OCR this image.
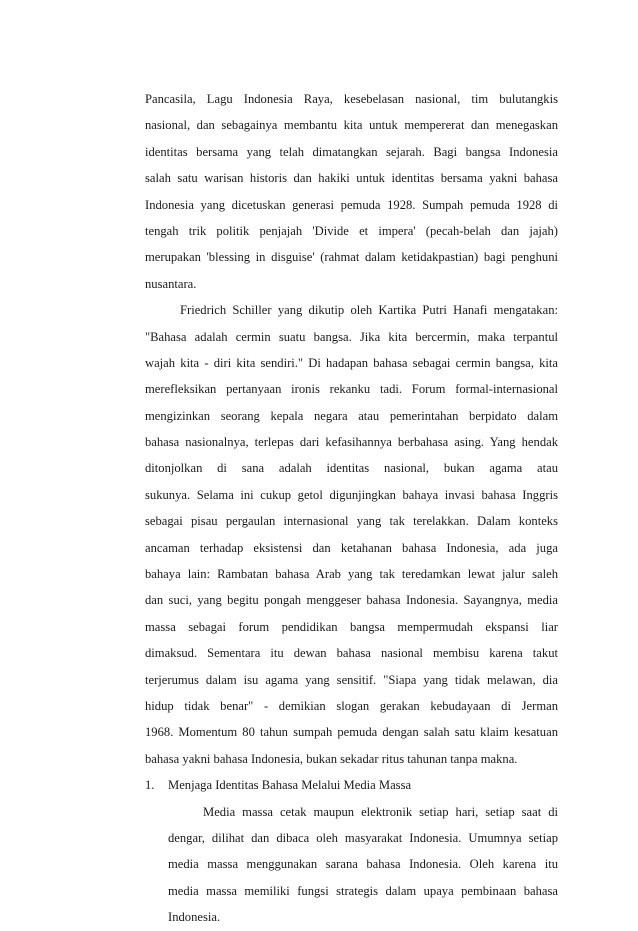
Pancasila, Lagu Indonesia Raya, kesebelasan nasional, tim bulutangkis
nasional, dan sebagainya membantu kita untuk mempererat dan menegaskan
identitas bersama yang telah dimatangkan sejarah. Bagi bangsa Indonesia
salah satu warisan historis dan hakiki untuk identitas bersama yakni bahasa
Indonesia yang dicetuskan generasi pemuda 1928. Sumpah pemuda 1928 di
tengah trik politik penjajah 'Divide et impera' (pecah-belah dan jajah)
merupakan 'blessing in disguise' (rahmat dalam ketidakpastian) bagi penghuni
nusantara.
Friedrich Schiller yang dikutip oleh Kartika Putri Hanafi mengatakan:
"Bahasa adalah cermin suatu bangsa. Jika kita bercermin, maka terpantul
wajah kita - diri kita sendiri." Di hadapan bahasa sebagai cermin bangsa, kita
merefleksikan pertanyaan ironis rekanku tadi. Forum formal-internasional
mengizinkan seorang kepala negara atau pemerintahan berpidato dalam
bahasa nasionalnya, terlepas dari kefasihannya berbahasa asing. Yang hendak
ditonjolkan di sana adalah identitas nasional, bukan agama atau
sukunya. Selama ini cukup getol digunjingkan bahaya invasi bahasa Inggris
sebagai pisau pergaulan internasional yang tak terelakkan. Dalam konteks
ancaman terhadap eksistensi dan ketahanan bahasa Indonesia, ada juga
bahaya lain: Rambatan bahasa Arab yang tak teredamkan lewat jalur saleh
dan suci, yang begitu pongah menggeser bahasa Indonesia. Sayangnya, media
massa sebagai forum pendidikan bangsa mempermudah ekspansi liar
dimaksud. Sementara itu dewan bahasa nasional membisu karena takut
terjerumus dalam isu agama yang sensitif. "Siapa yang tidak melawan, dia
hidup tidak benar" - demikian slogan gerakan kebudayaan di Jerman
1968. Momentum 80 tahun sumpah pemuda dengan salah satu klaim kesatuan
bahasa yakni bahasa Indonesia, bukan sekadar ritus tahunan tanpa makna.
1.	Menjaga Identitas Bahasa Melalui Media Massa
Media massa cetak maupun elektronik setiap hari, setiap saat di
dengar, dilihat dan dibaca oleh masyarakat Indonesia. Umumnya setiap
media massa menggunakan sarana bahasa Indonesia. Oleh karena itu
media massa memiliki fungsi strategis dalam upaya pembinaan bahasa
Indonesia.
